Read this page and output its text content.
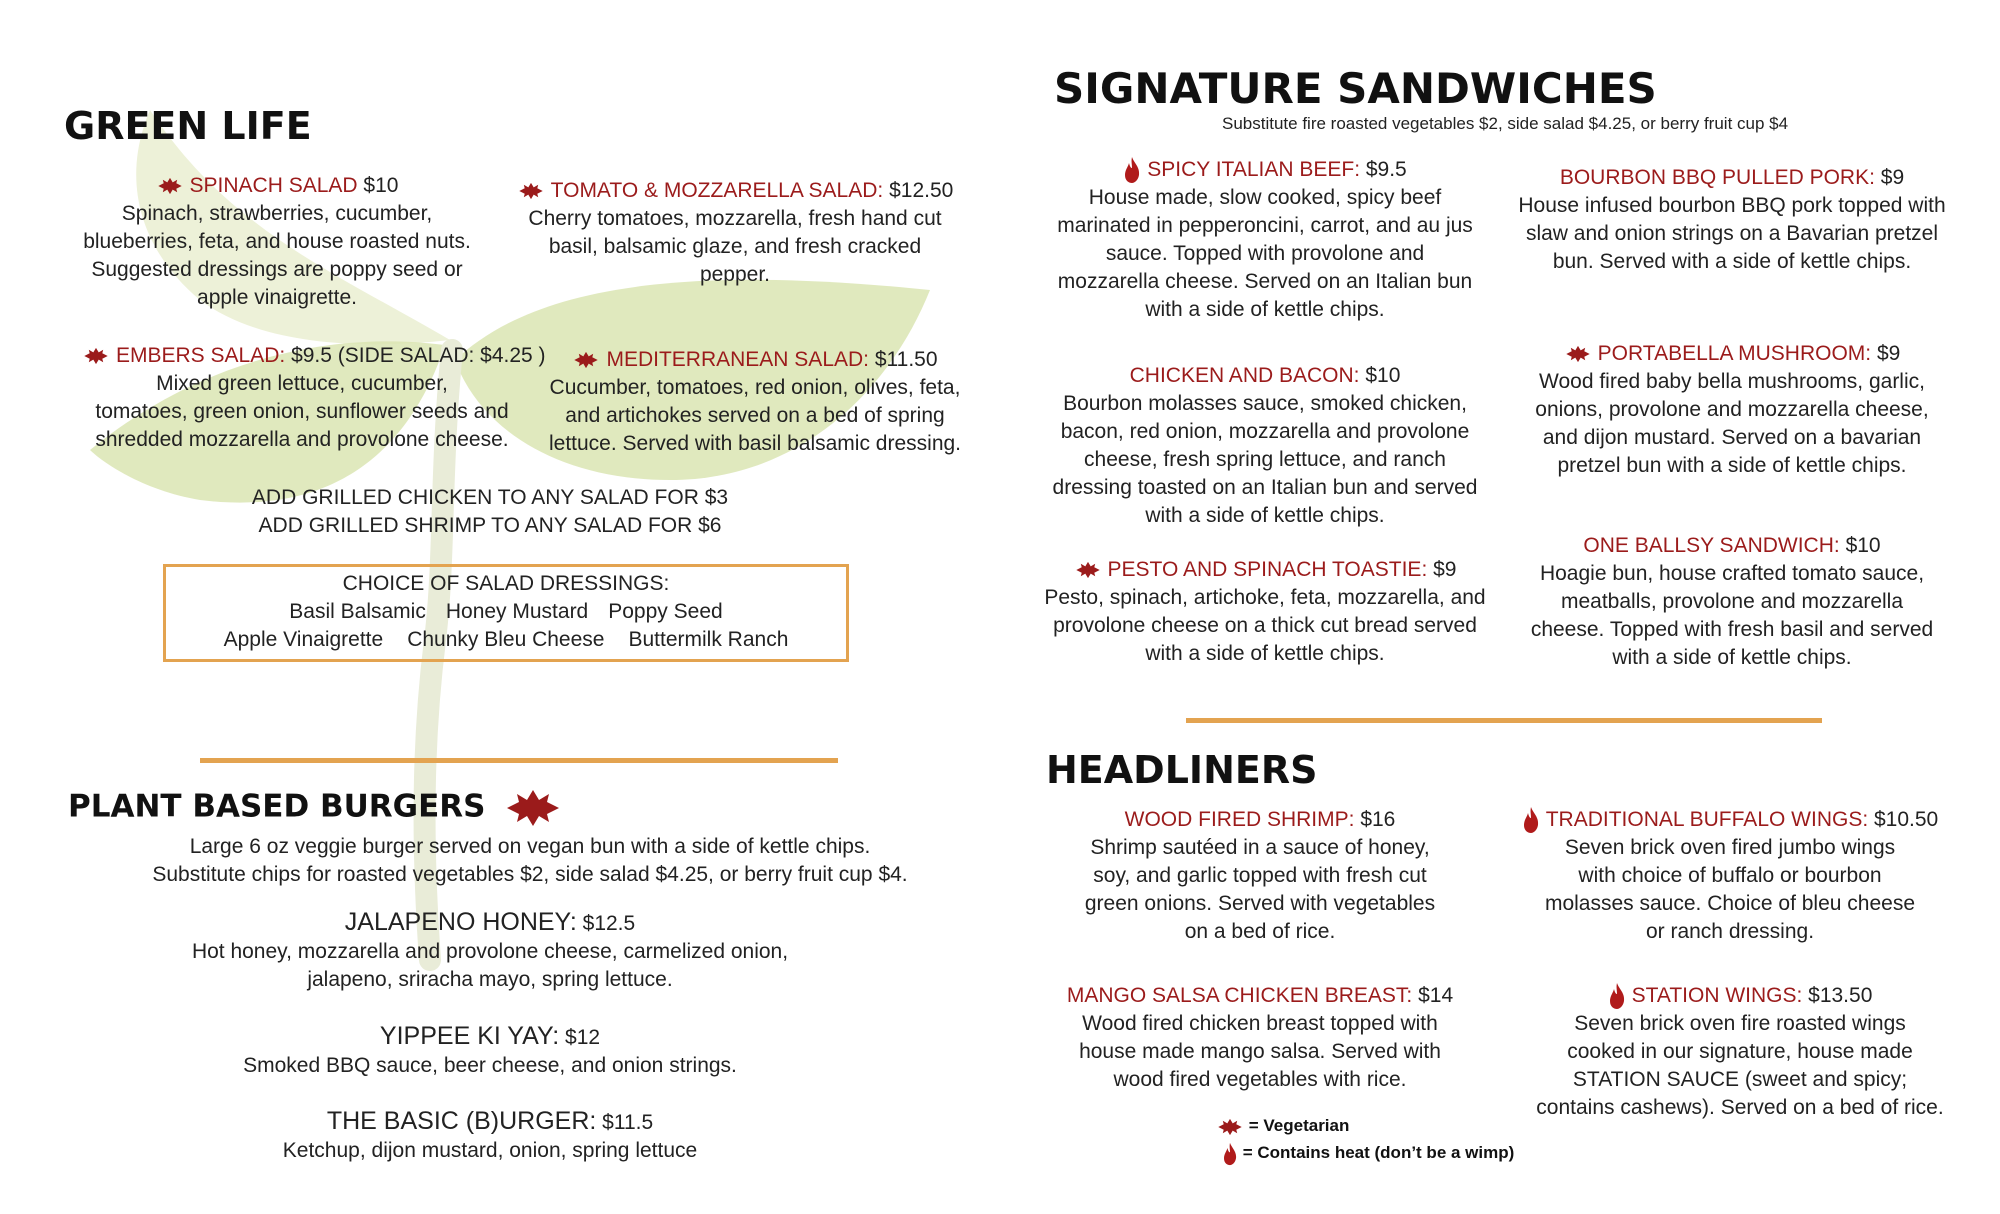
GREEN LIFE
SPINACH SALAD $10
Spinach, strawberries, cucumber,
blueberries, feta, and house roasted nuts.
Suggested dressings are poppy seed or
apple vinaigrette.
TOMATO & MOZZARELLA SALAD: $12.50
Cherry tomatoes, mozzarella, fresh hand cut
basil, balsamic glaze, and fresh cracked
pepper.
EMBERS SALAD: $9.5 (SIDE SALAD: $4.25 )
Mixed green lettuce, cucumber,
tomatoes, green onion, sunflower seeds and
shredded mozzarella and provolone cheese.
MEDITERRANEAN SALAD: $11.50
Cucumber, tomatoes, red onion, olives, feta,
and artichokes served on a bed of spring
lettuce. Served with basil balsamic dressing.
ADD GRILLED CHICKEN TO ANY SALAD FOR $3
ADD GRILLED SHRIMP TO ANY SALAD FOR $6
CHOICE OF SALAD DRESSINGS:
Basil Balsamic Honey Mustard Poppy Seed
Apple Vinaigrette Chunky Bleu Cheese Buttermilk Ranch
PLANT BASED BURGERS
Large 6 oz veggie burger served on vegan bun with a side of kettle chips.
Substitute chips for roasted vegetables $2, side salad $4.25, or berry fruit cup $4.
JALAPENO HONEY: $12.5
Hot honey, mozzarella and provolone cheese, carmelized onion,
jalapeno, sriracha mayo, spring lettuce.
YIPPEE KI YAY: $12
Smoked BBQ sauce, beer cheese, and onion strings.
THE BASIC (B)URGER: $11.5
Ketchup, dijon mustard, onion, spring lettuce
SIGNATURE SANDWICHES
Substitute fire roasted vegetables $2, side salad $4.25, or berry fruit cup $4
SPICY ITALIAN BEEF: $9.5
House made, slow cooked, spicy beef
marinated in pepperoncini, carrot, and au jus
sauce. Topped with provolone and
mozzarella cheese. Served on an Italian bun
with a side of kettle chips.
BOURBON BBQ PULLED PORK: $9
House infused bourbon BBQ pork topped with
slaw and onion strings on a Bavarian pretzel
bun. Served with a side of kettle chips.
CHICKEN AND BACON: $10
Bourbon molasses sauce, smoked chicken,
bacon, red onion, mozzarella and provolone
cheese, fresh spring lettuce, and ranch
dressing toasted on an Italian bun and served
with a side of kettle chips.
PORTABELLA MUSHROOM: $9
Wood fired baby bella mushrooms, garlic,
onions, provolone and mozzarella cheese,
and dijon mustard. Served on a bavarian
pretzel bun with a side of kettle chips.
PESTO AND SPINACH TOASTIE: $9
Pesto, spinach, artichoke, feta, mozzarella, and
provolone cheese on a thick cut bread served
with a side of kettle chips.
ONE BALLSY SANDWICH: $10
Hoagie bun, house crafted tomato sauce,
meatballs, provolone and mozzarella
cheese. Topped with fresh basil and served
with a side of kettle chips.
HEADLINERS
WOOD FIRED SHRIMP: $16
Shrimp sautéed in a sauce of honey,
soy, and garlic topped with fresh cut
green onions. Served with vegetables
on a bed of rice.
TRADITIONAL BUFFALO WINGS: $10.50
Seven brick oven fired jumbo wings
with choice of buffalo or bourbon
molasses sauce. Choice of bleu cheese
or ranch dressing.
MANGO SALSA CHICKEN BREAST: $14
Wood fired chicken breast topped with
house made mango salsa. Served with
wood fired vegetables with rice.
STATION WINGS: $13.50
Seven brick oven fire roasted wings
cooked in our signature, house made
STATION SAUCE (sweet and spicy;
contains cashews). Served on a bed of rice.
= Vegetarian
= Contains heat (don’t be a wimp)
